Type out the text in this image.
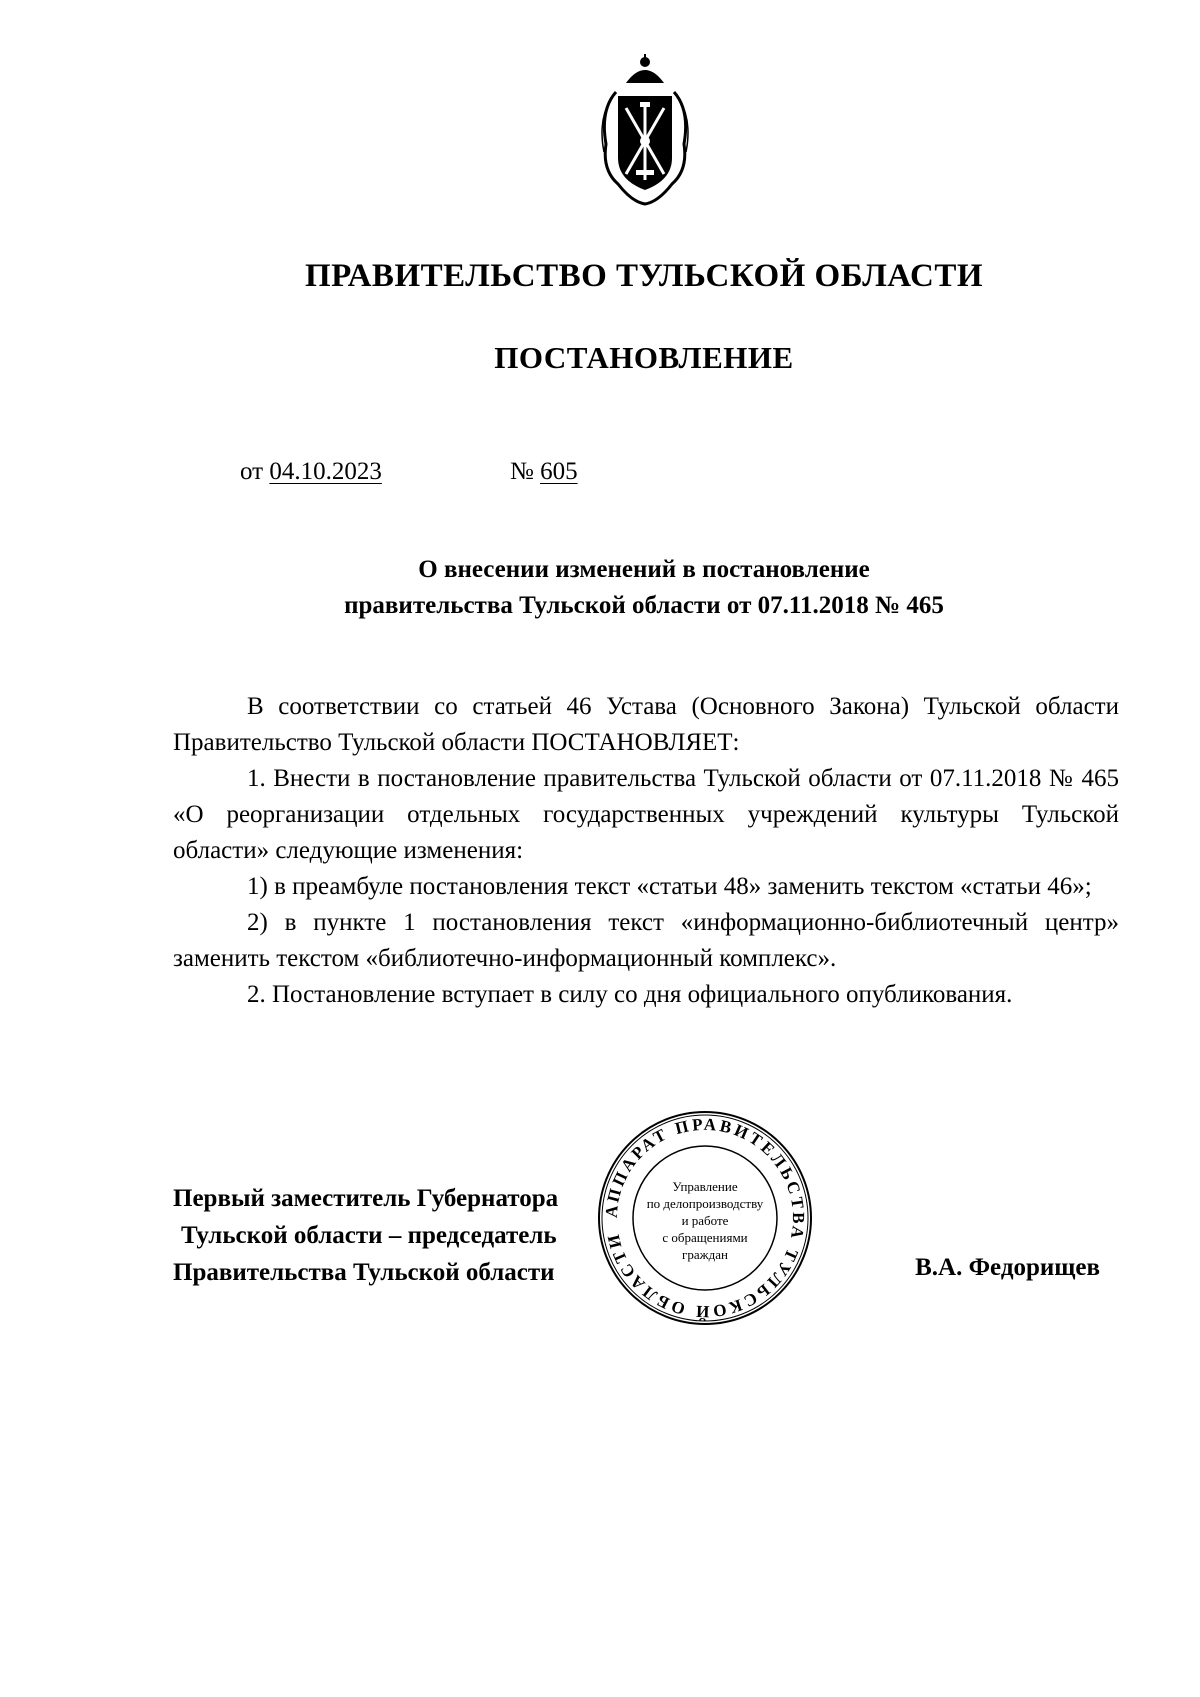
ПРАВИТЕЛЬСТВО ТУЛЬСКОЙ ОБЛАСТИ
ПОСТАНОВЛЕНИЕ
от 04.10.2023	№ 605
О внесении изменений в постановление
правительства Тульской области от 07.11.2018 № 465

В соответствии со статьей 46 Устава (Основного Закона) Тульской области Правительство Тульской области ПОСТАНОВЛЯЕТ:

1. Внести в постановление правительства Тульской области от 07.11.2018 № 465 «О реорганизации отдельных государственных учреждений культуры Тульской области» следующие изменения:

1) в преамбуле постановления текст «статьи 48» заменить текстом «статьи 46»;

2) в пункте 1 постановления текст «информационно-библиотечный центр» заменить текстом «библиотечно-информационный комплекс».

2. Постановление вступает в силу со дня официального опубликования.

Первый заместитель Губернатора
Тульской области – председатель
Правительства Тульской области	В.А. Федорищев
АППАРАТ ПРАВИТЕЛЬСТВА ТУЛЬСКОЙ ОБЛАСТИ
Управление
по делопроизводству
и работе
с обращениями
граждан
